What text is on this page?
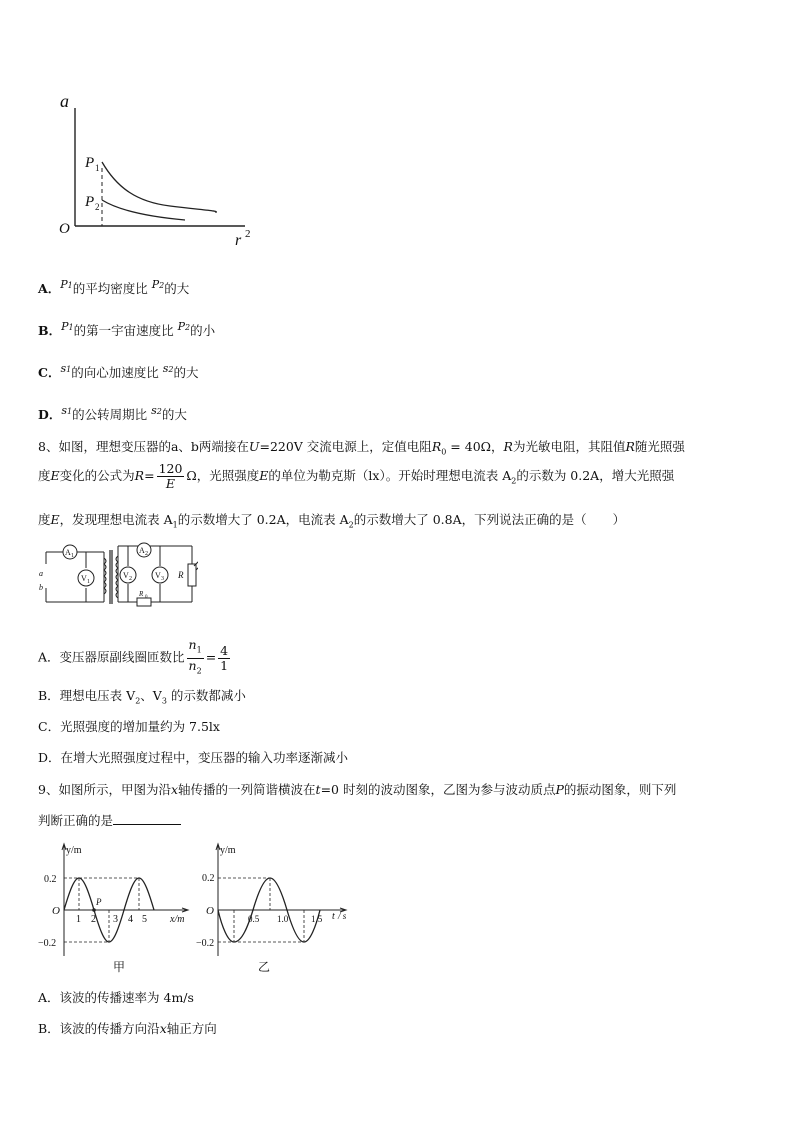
a
r 2
O
P 1
P 2
A．$^{P1}$的平均密度比 $^{P2}$的大
B．$^{P1}$的第一宇宙速度比 $^{P2}$的小
C．$^{s1}$的向心加速度比 $^{s2}$的大
D．$^{s1}$的公转周期比 $^{s2}$的大
8、如图，理想变压器的a、b两端接在U=220V 交流电源上，定值电阻$R_0 = 40\Omega$，R为光敏电阻，其阻值R随光照强
度E变化的公式为$R= \frac{120}{E}$ Ω，光照强度E的单位为勒克斯（lx）。开始时理想电流表 $A_2$的示数为 0.2A，增大光照强
度E，发现理想电流表 $A_1$的示数增大了 0.2A，电流表 $A_2$的示数增大了 0.8A，下列说法正确的是（ ）
A 1
V 1
A 2
V 2	V 3 R
R 0
a
b
A．变压器原副线圈匝数比 $\frac{n_1}{n_2} = \frac{4}{1}$
B．理想电压表 $V_2$、$V_3$ 的示数都减小
C．光照强度的增加量约为 7.5lx
D．在增大光照强度过程中，变压器的输入功率逐渐减小
9、如图所示，甲图为沿x轴传播的一列简谐横波在t=0 时刻的波动图象，乙图为参与波动质点P的振动图象，则下列
判断正确的是
y/m
x/m
O
P
0.2
−0.2
1 2 3 4 5
甲
y/m
t / s
O
0.2
−0.2
0.5 1.0	1.5
乙
A．该波的传播速率为 4m/s
B．该波的传播方向沿x轴正方向
